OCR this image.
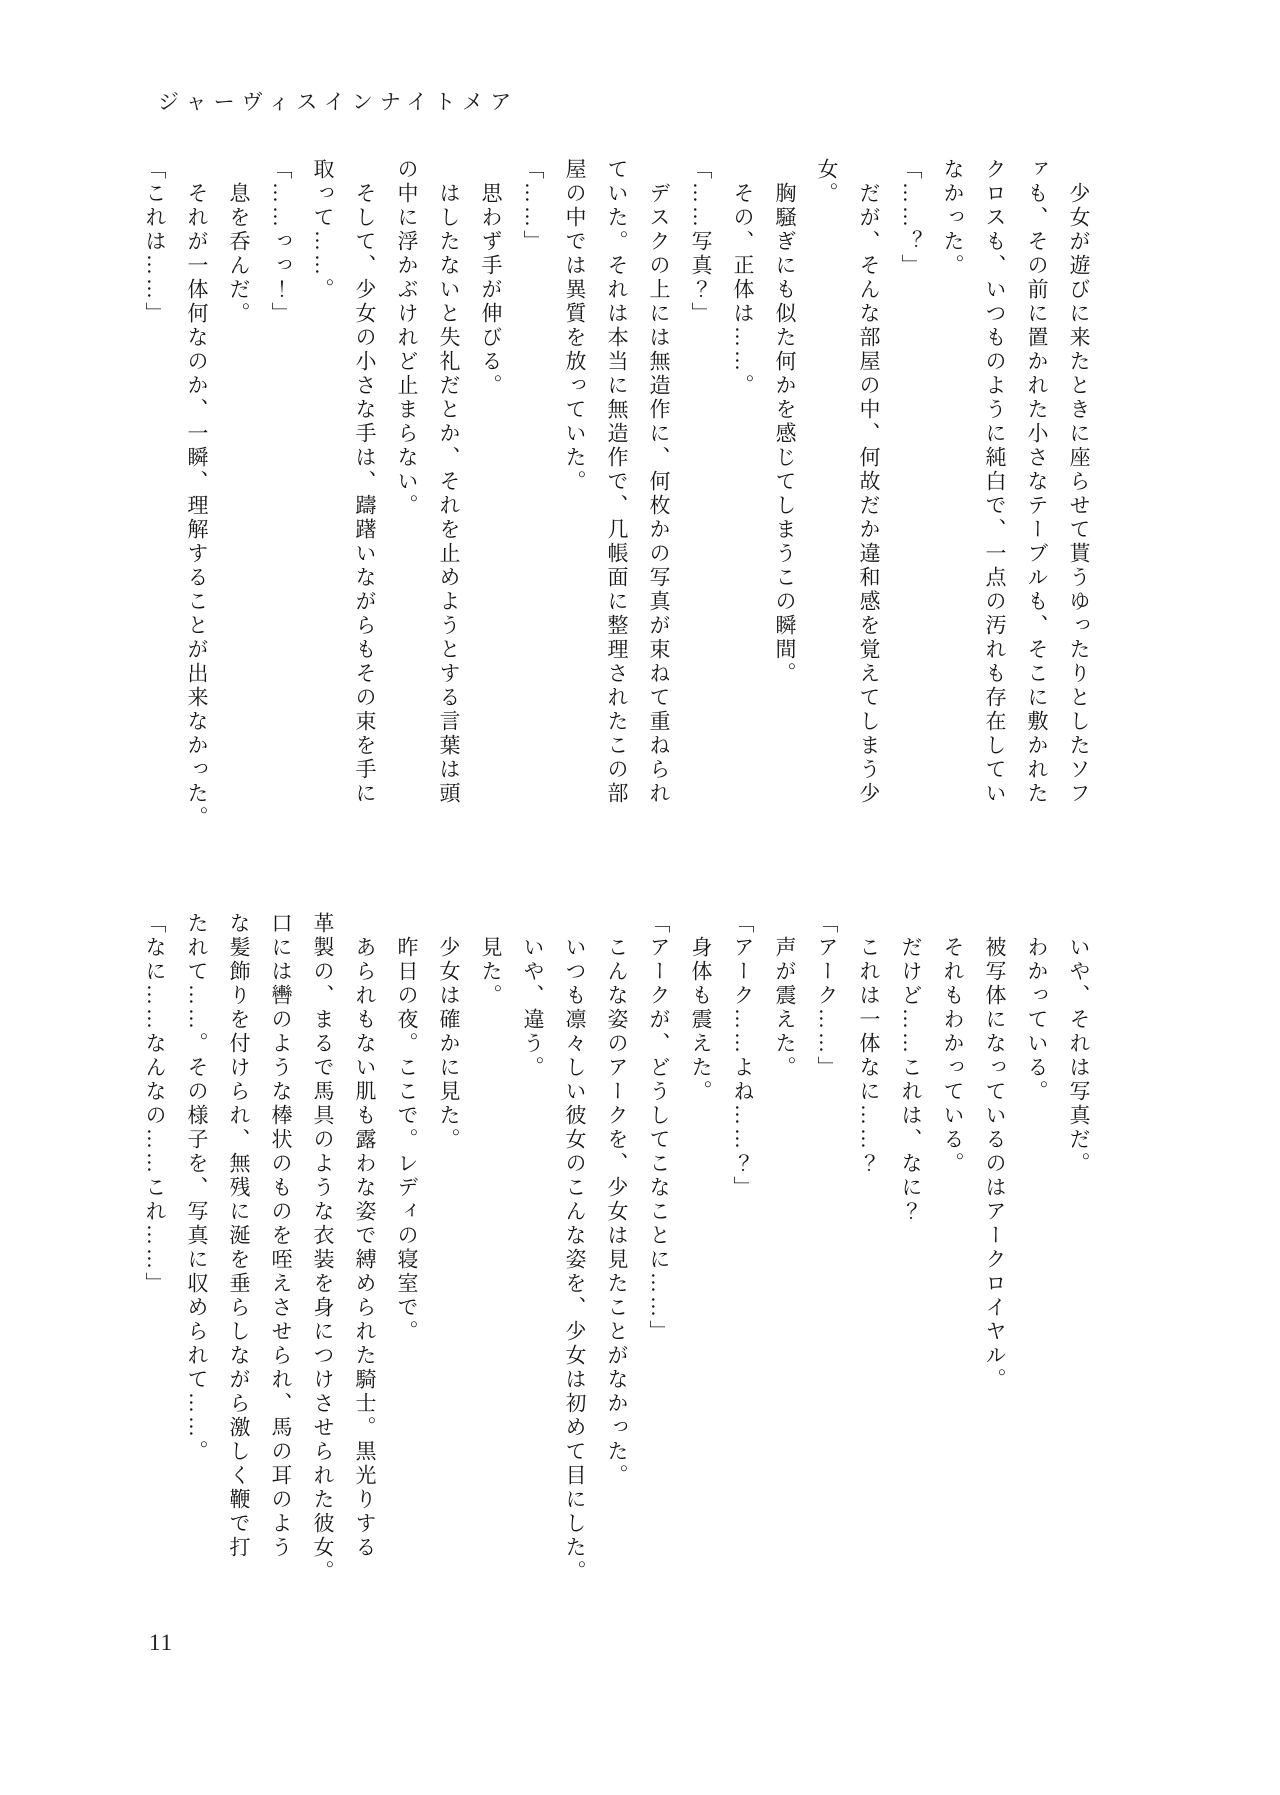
ジャーヴィスインナイトメア

　少女が遊びに来たときに座らせて貰うゆったりとしたソフ

ァも、その前に置かれた小さなテーブルも、そこに敷かれた

クロスも、いつものように純白で、一点の汚れも存在してい

なかった。

「……？」

　だが、そんな部屋の中、何故だか違和感を覚えてしまう少

女。

　胸騒ぎにも似た何かを感じてしまうこの瞬間。

　その、正体は……。

「……写真？」

　デスクの上には無造作に、何枚かの写真が束ねて重ねられ

ていた。それは本当に無造作で、几帳面に整理されたこの部

屋の中では異質を放っていた。

「……」

　思わず手が伸びる。

　はしたないと失礼だとか、それを止めようとする言葉は頭

の中に浮かぶけれど止まらない。

　そして、少女の小さな手は、躊躇いながらもその束を手に

取って……。

「……っっ！」

　息を呑んだ。

　それが一体何なのか、一瞬、理解することが出来なかった。

「これは……」

　いや、それは写真だ。

　わかっている。

　被写体になっているのはアークロイヤル。

　それもわかっている。

　だけど……これは、なに？

　これは一体なに……？

「アーク……」

　声が震えた。

「アーク……よね……？」

　身体も震えた。

「アークが、どうしてこなことに……」

　こんな姿のアークを、少女は見たことがなかった。

　いつも凛々しい彼女のこんな姿を、少女は初めて目にした。

　いや、違う。

　見た。

　少女は確かに見た。

　昨日の夜。ここで。レディの寝室で。

　あられもない肌も露わな姿で縛められた騎士。黒光りする

革製の、まるで馬具のような衣装を身につけさせられた彼女。

口には轡のような棒状のものを咥えさせられ、馬の耳のよう

な髪飾りを付けられ、無残に涎を垂らしながら激しく鞭で打

たれて……。その様子を、写真に収められて……。

「なに……なんなの……これ……」

11
